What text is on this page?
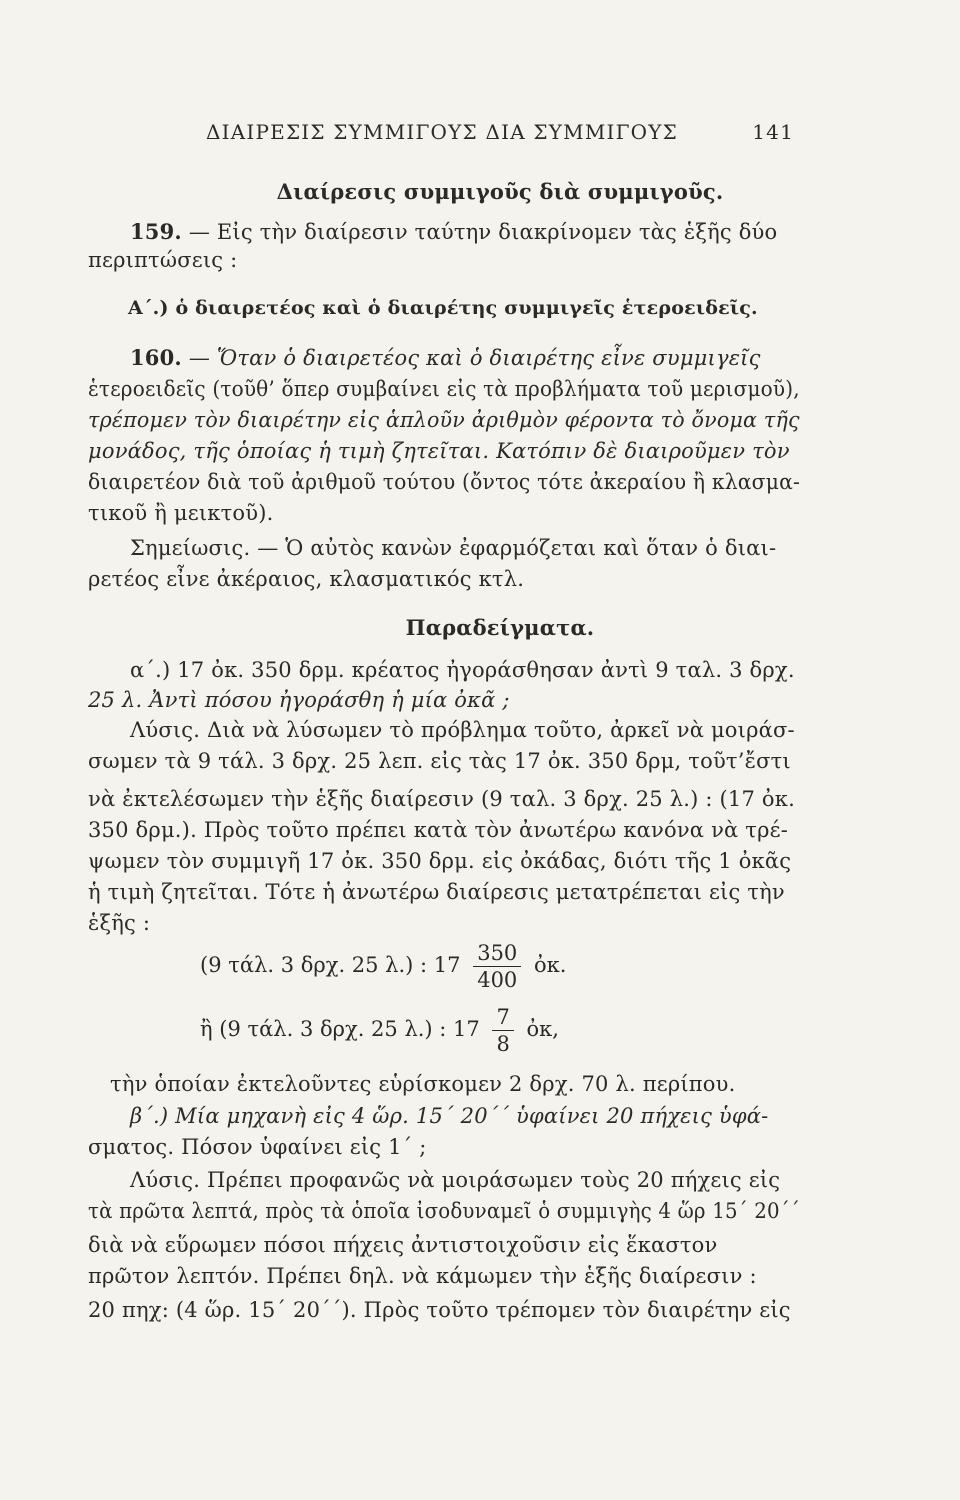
ΔΙΑΙΡΕΣΙΣ ΣΥΜΜΙΓΟΥΣ ΔΙΑ ΣΥΜΜΙΓΟΥΣ	141
Διαίρεσις συμμιγοῦς διὰ συμμιγοῦς.
159. — Εἰς τὴν διαίρεσιν ταύτην διακρίνομεν τὰς ἑξῆς δύο
περιπτώσεις :
Α΄.) ὁ διαιρετέος καὶ ὁ διαιρέτης συμμιγεῖς ἑτεροειδεῖς.
160. — Ὅταν ὁ διαιρετέος καὶ ὁ διαιρέτης εἶνε συμμιγεῖς
ἑτεροειδεῖς (τοῦθ’ ὅπερ συμβαίνει εἰς τὰ προβλήματα τοῦ μερισμοῦ),
τρέπομεν τὸν διαιρέτην εἰς ἁπλοῦν ἀριθμὸν φέροντα τὸ ὄνομα τῆς
μονάδος, τῆς ὁποίας ἡ τιμὴ ζητεῖται. Κατόπιν δὲ διαιροῦμεν τὸν
διαιρετέον διὰ τοῦ ἀριθμοῦ τούτου (ὄντος τότε ἀκεραίου ἢ κλασμα-
τικοῦ ἢ μεικτοῦ).
Σημείωσις. — Ὁ αὐτὸς κανὼν ἐφαρμόζεται καὶ ὅταν ὁ διαι-
ρετέος εἶνε ἀκέραιος, κλασματικός κτλ.
Παραδείγματα.
α΄.) 17 ὀκ. 350 δρμ. κρέατος ἠγοράσθησαν ἀντὶ 9 ταλ. 3 δρχ.
25 λ. Ἀντὶ πόσου ἠγοράσθη ἡ μία ὀκᾶ ;
Λύσις. Διὰ νὰ λύσωμεν τὸ πρόβλημα τοῦτο, ἀρκεῖ νὰ μοιράσ-
σωμεν τὰ 9 τάλ. 3 δρχ. 25 λεπ. εἰς τὰς 17 ὀκ. 350 δρμ, τοῦτ’ἔστι
νὰ ἐκτελέσωμεν τὴν ἑξῆς διαίρεσιν (9 ταλ. 3 δρχ. 25 λ.) : (17 ὀκ.
350 δρμ.). Πρὸς τοῦτο πρέπει κατὰ τὸν ἀνωτέρω κανόνα νὰ τρέ-
ψωμεν τὸν συμμιγῆ 17 ὀκ. 350 δρμ. εἰς ὀκάδας, διότι τῆς 1 ὀκᾶς
ἡ τιμὴ ζητεῖται. Τότε ἡ ἀνωτέρω διαίρεσις μετατρέπεται εἰς τὴν
ἑξῆς :
(9 τάλ. 3 δρχ. 25 λ.) : $17 \frac{350}{400}$ ὀκ.
ἢ (9 τάλ. 3 δρχ. 25 λ.) : $17 \frac{7}{8}$ ὀκ,
τὴν ὁποίαν ἐκτελοῦντες εὑρίσκομεν 2 δρχ. 70 λ. περίπου.
β΄.) Μία μηχανὴ εἰς 4 ὥρ. 15΄ 20΄΄ ὑφαίνει 20 πήχεις ὑφά-
σματος. Πόσον ὑφαίνει εἰς 1΄ ;
Λύσις. Πρέπει προφανῶς νὰ μοιράσωμεν τοὺς 20 πήχεις εἰς
τὰ πρῶτα λεπτά, πρὸς τὰ ὁποῖα ἰσοδυναμεῖ ὁ συμμιγὴς 4 ὥρ 15΄ 20΄΄
διὰ νὰ εὕρωμεν πόσοι πήχεις ἀντιστοιχοῦσιν εἰς ἕκαστον
πρῶτον λεπτόν. Πρέπει δηλ. νὰ κάμωμεν τὴν ἑξῆς διαίρεσιν :
20 πηχ: (4 ὥρ. 15΄ 20΄΄). Πρὸς τοῦτο τρέπομεν τὸν διαιρέτην εἰς
